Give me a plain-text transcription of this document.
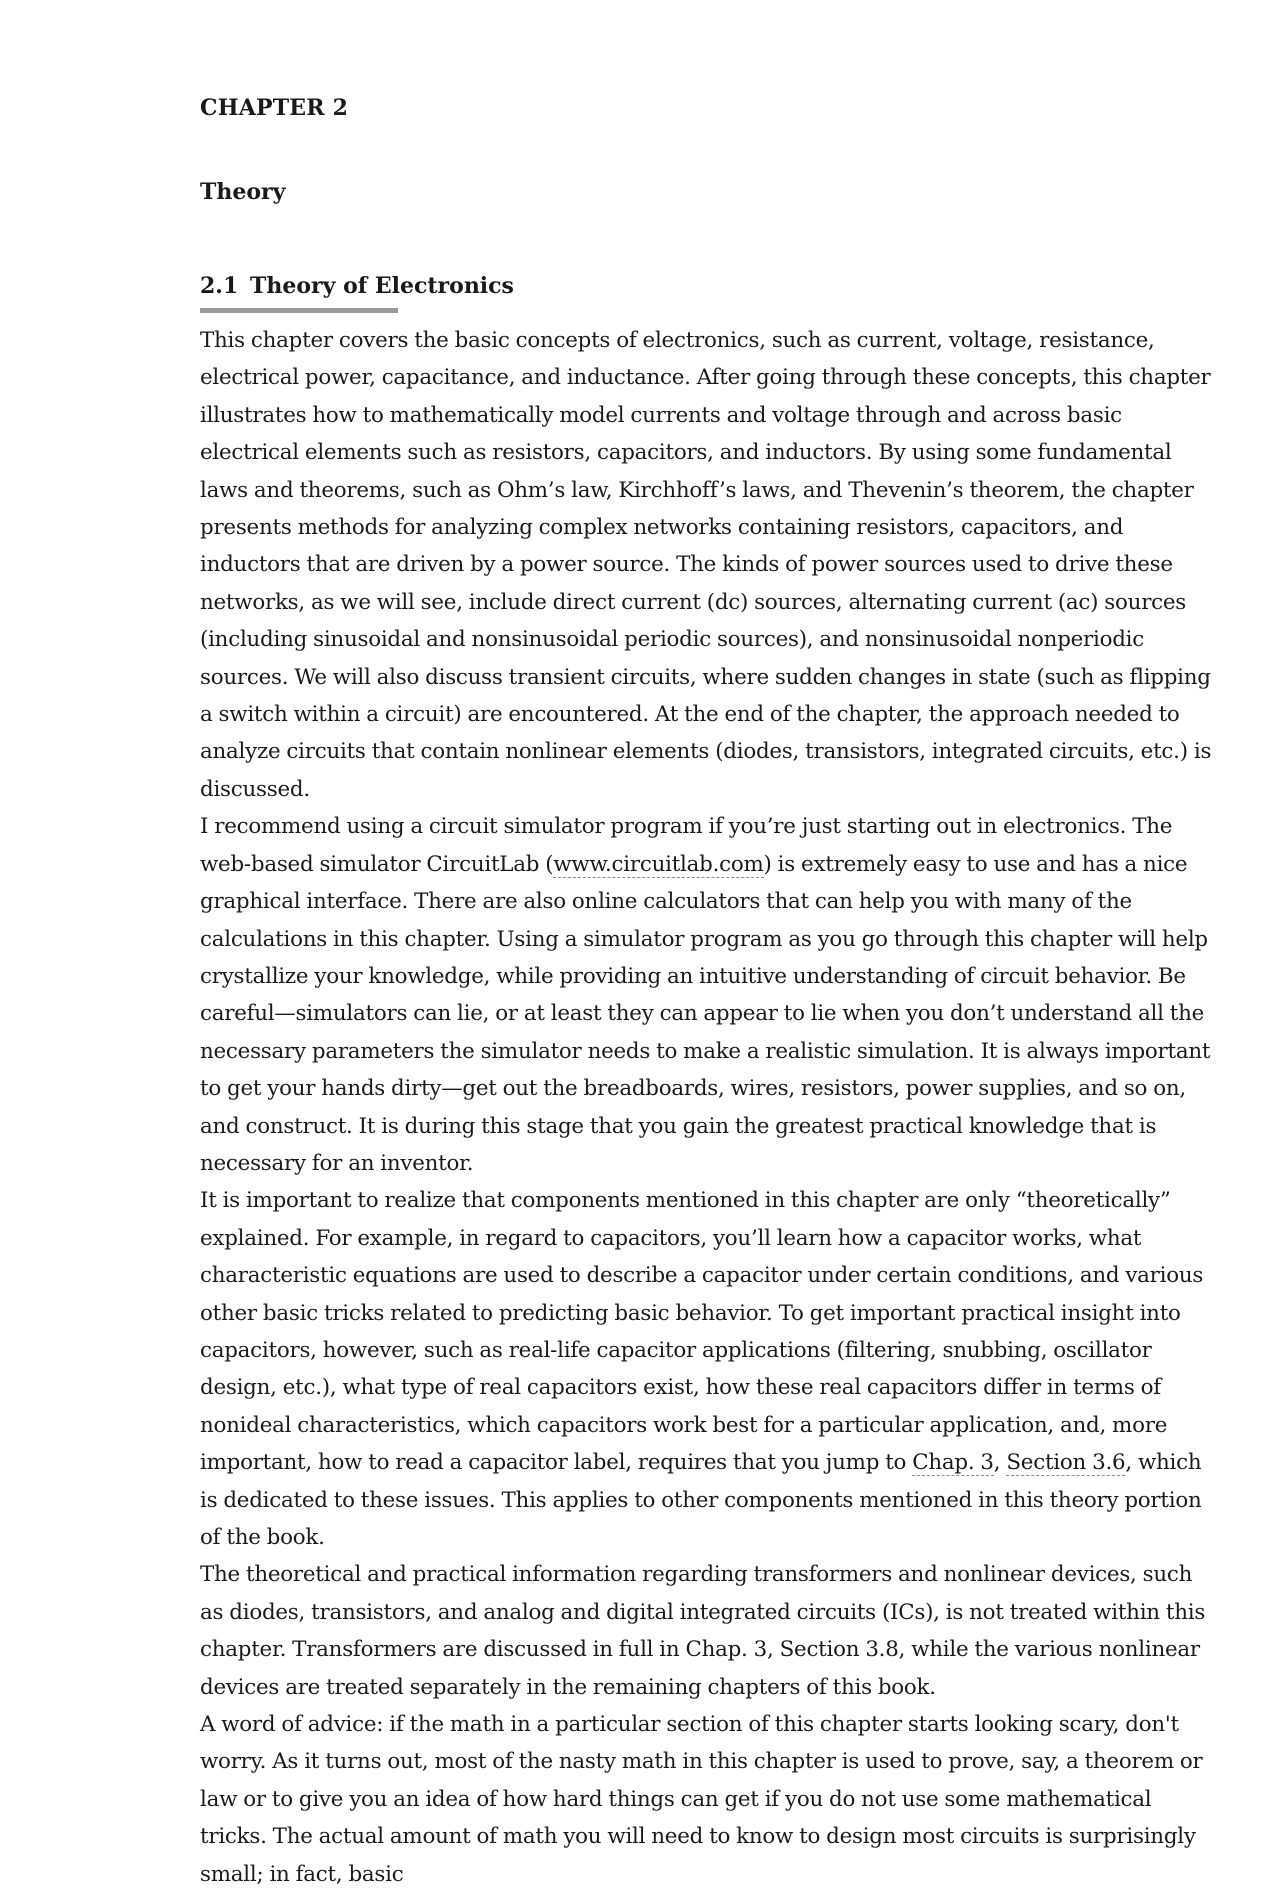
CHAPTER 2
Theory
2.1 Theory of Electronics

This chapter covers the basic concepts of electronics, such as current, voltage, resistance, electrical power, capacitance, and inductance. After going through these concepts, this chapter illustrates how to mathematically model currents and voltage through and across basic electrical elements such as resistors, capacitors, and inductors. By using some fundamental laws and theorems, such as Ohm’s law, Kirchhoff’s laws, and Thevenin’s theorem, the chapter presents methods for analyzing complex networks containing resistors, capacitors, and inductors that are driven by a power source. The kinds of power sources used to drive these networks, as we will see, include direct current (dc) sources, alternating current (ac) sources (including sinusoidal and nonsinusoidal periodic sources), and nonsinusoidal nonperiodic sources. We will also discuss transient circuits, where sudden changes in state (such as flipping a switch within a circuit) are encountered. At the end of the chapter, the approach needed to analyze circuits that contain nonlinear elements (diodes, transistors, integrated circuits, etc.) is discussed.

I recommend using a circuit simulator program if you’re just starting out in electronics. The web-based simulator CircuitLab (www.circuitlab.com) is extremely easy to use and has a nice graphical interface. There are also online calculators that can help you with many of the calculations in this chapter. Using a simulator program as you go through this chapter will help crystallize your knowledge, while providing an intuitive understanding of circuit behavior. Be careful—simulators can lie, or at least they can appear to lie when you don’t understand all the necessary parameters the simulator needs to make a realistic simulation. It is always important to get your hands dirty—get out the breadboards, wires, resistors, power supplies, and so on, and construct. It is during this stage that you gain the greatest practical knowledge that is necessary for an inventor.

It is important to realize that components mentioned in this chapter are only “theoretically” explained. For example, in regard to capacitors, you’ll learn how a capacitor works, what characteristic equations are used to describe a capacitor under certain conditions, and various other basic tricks related to predicting basic behavior. To get important practical insight into capacitors, however, such as real-life capacitor applications (filtering, snubbing, oscillator design, etc.), what type of real capacitors exist, how these real capacitors differ in terms of nonideal characteristics, which capacitors work best for a particular application, and, more important, how to read a capacitor label, requires that you jump to Chap. 3, Section 3.6, which is dedicated to these issues. This applies to other components mentioned in this theory portion of the book.

The theoretical and practical information regarding transformers and nonlinear devices, such as diodes, transistors, and analog and digital integrated circuits (ICs), is not treated within this chapter. Transformers are discussed in full in Chap. 3, Section 3.8, while the various nonlinear devices are treated separately in the remaining chapters of this book.

A word of advice: if the math in a particular section of this chapter starts looking scary, don't worry. As it turns out, most of the nasty math in this chapter is used to prove, say, a theorem or law or to give you an idea of how hard things can get if you do not use some mathematical tricks. The actual amount of math you will need to know to design most circuits is surprisingly small; in fact, basic
